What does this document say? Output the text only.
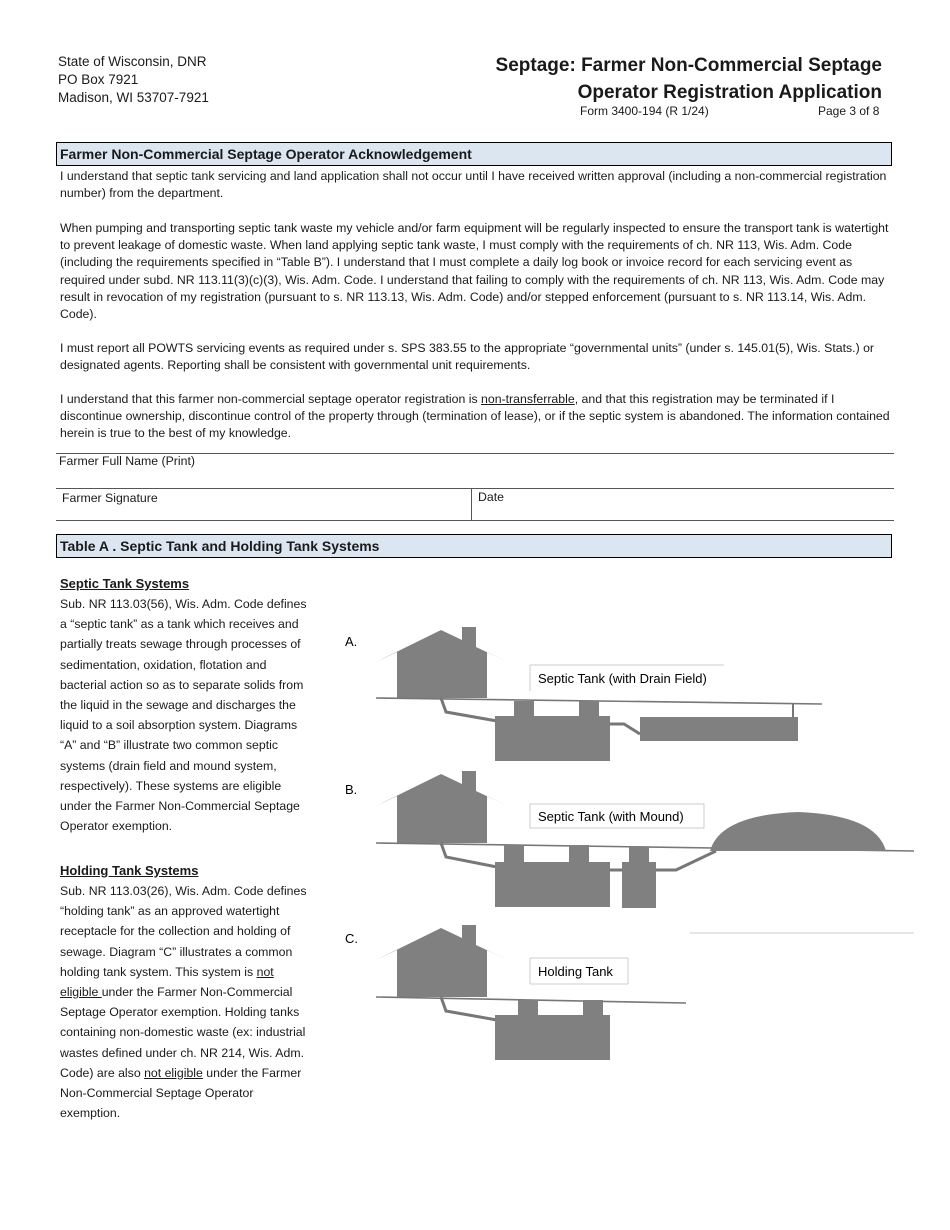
State of Wisconsin, DNR
PO Box 7921
Madison, WI 53707-7921
Septage: Farmer Non-Commercial Septage
Operator Registration Application
Form 3400-194 (R 1/24)	Page 3 of 8
Farmer Non-Commercial Septage Operator Acknowledgement
I understand that septic tank servicing and land application shall not occur until I have received written approval (including a non-commercial registration number) from the department.
When pumping and transporting septic tank waste my vehicle and/or farm equipment will be regularly inspected to ensure the transport tank is watertight to prevent leakage of domestic waste. When land applying septic tank waste, I must comply with the requirements of ch. NR 113, Wis. Adm. Code (including the requirements specified in “Table B”). I understand that I must complete a daily log book or invoice record for each servicing event as required under subd. NR 113.11(3)(c)(3), Wis. Adm. Code. I understand that failing to comply with the requirements of ch. NR 113, Wis. Adm. Code may result in revocation of my registration (pursuant to s. NR 113.13, Wis. Adm. Code) and/or stepped enforcement (pursuant to s. NR 113.14, Wis. Adm. Code).
I must report all POWTS servicing events as required under s. SPS 383.55 to the appropriate “governmental units” (under s. 145.01(5), Wis. Stats.) or designated agents. Reporting shall be consistent with governmental unit requirements.
I understand that this farmer non-commercial septage operator registration is non-transferrable, and that this registration may be terminated if I discontinue ownership, discontinue control of the property through (termination of lease), or if the septic system is abandoned. The information contained herein is true to the best of my knowledge.
Farmer Full Name (Print)
Farmer Signature	Date
Table A . Septic Tank and Holding Tank Systems
Septic Tank Systems

Sub. NR 113.03(56), Wis. Adm. Code defines a “septic tank” as a tank which receives and partially treats sewage through processes of sedimentation, oxidation, flotation and bacterial action so as to separate solids from the liquid in the sewage and discharges the liquid to a soil absorption system. Diagrams “A” and “B” illustrate two common septic systems (drain field and mound system, respectively). These systems are eligible under the Farmer Non-Commercial Septage Operator exemption.

Holding Tank Systems

Sub. NR 113.03(26), Wis. Adm. Code defines “holding tank” as an approved watertight receptacle for the collection and holding of sewage. Diagram “C” illustrates a common holding tank system. This system is not eligible under the Farmer Non-Commercial Septage Operator exemption. Holding tanks containing non-domestic waste (ex: industrial wastes defined under ch. NR 214, Wis. Adm. Code) are also not eligible under the Farmer Non-Commercial Septage Operator exemption.

A.
Septic Tank (with Drain Field)
B.
Septic Tank (with Mound)
C.
Holding Tank
